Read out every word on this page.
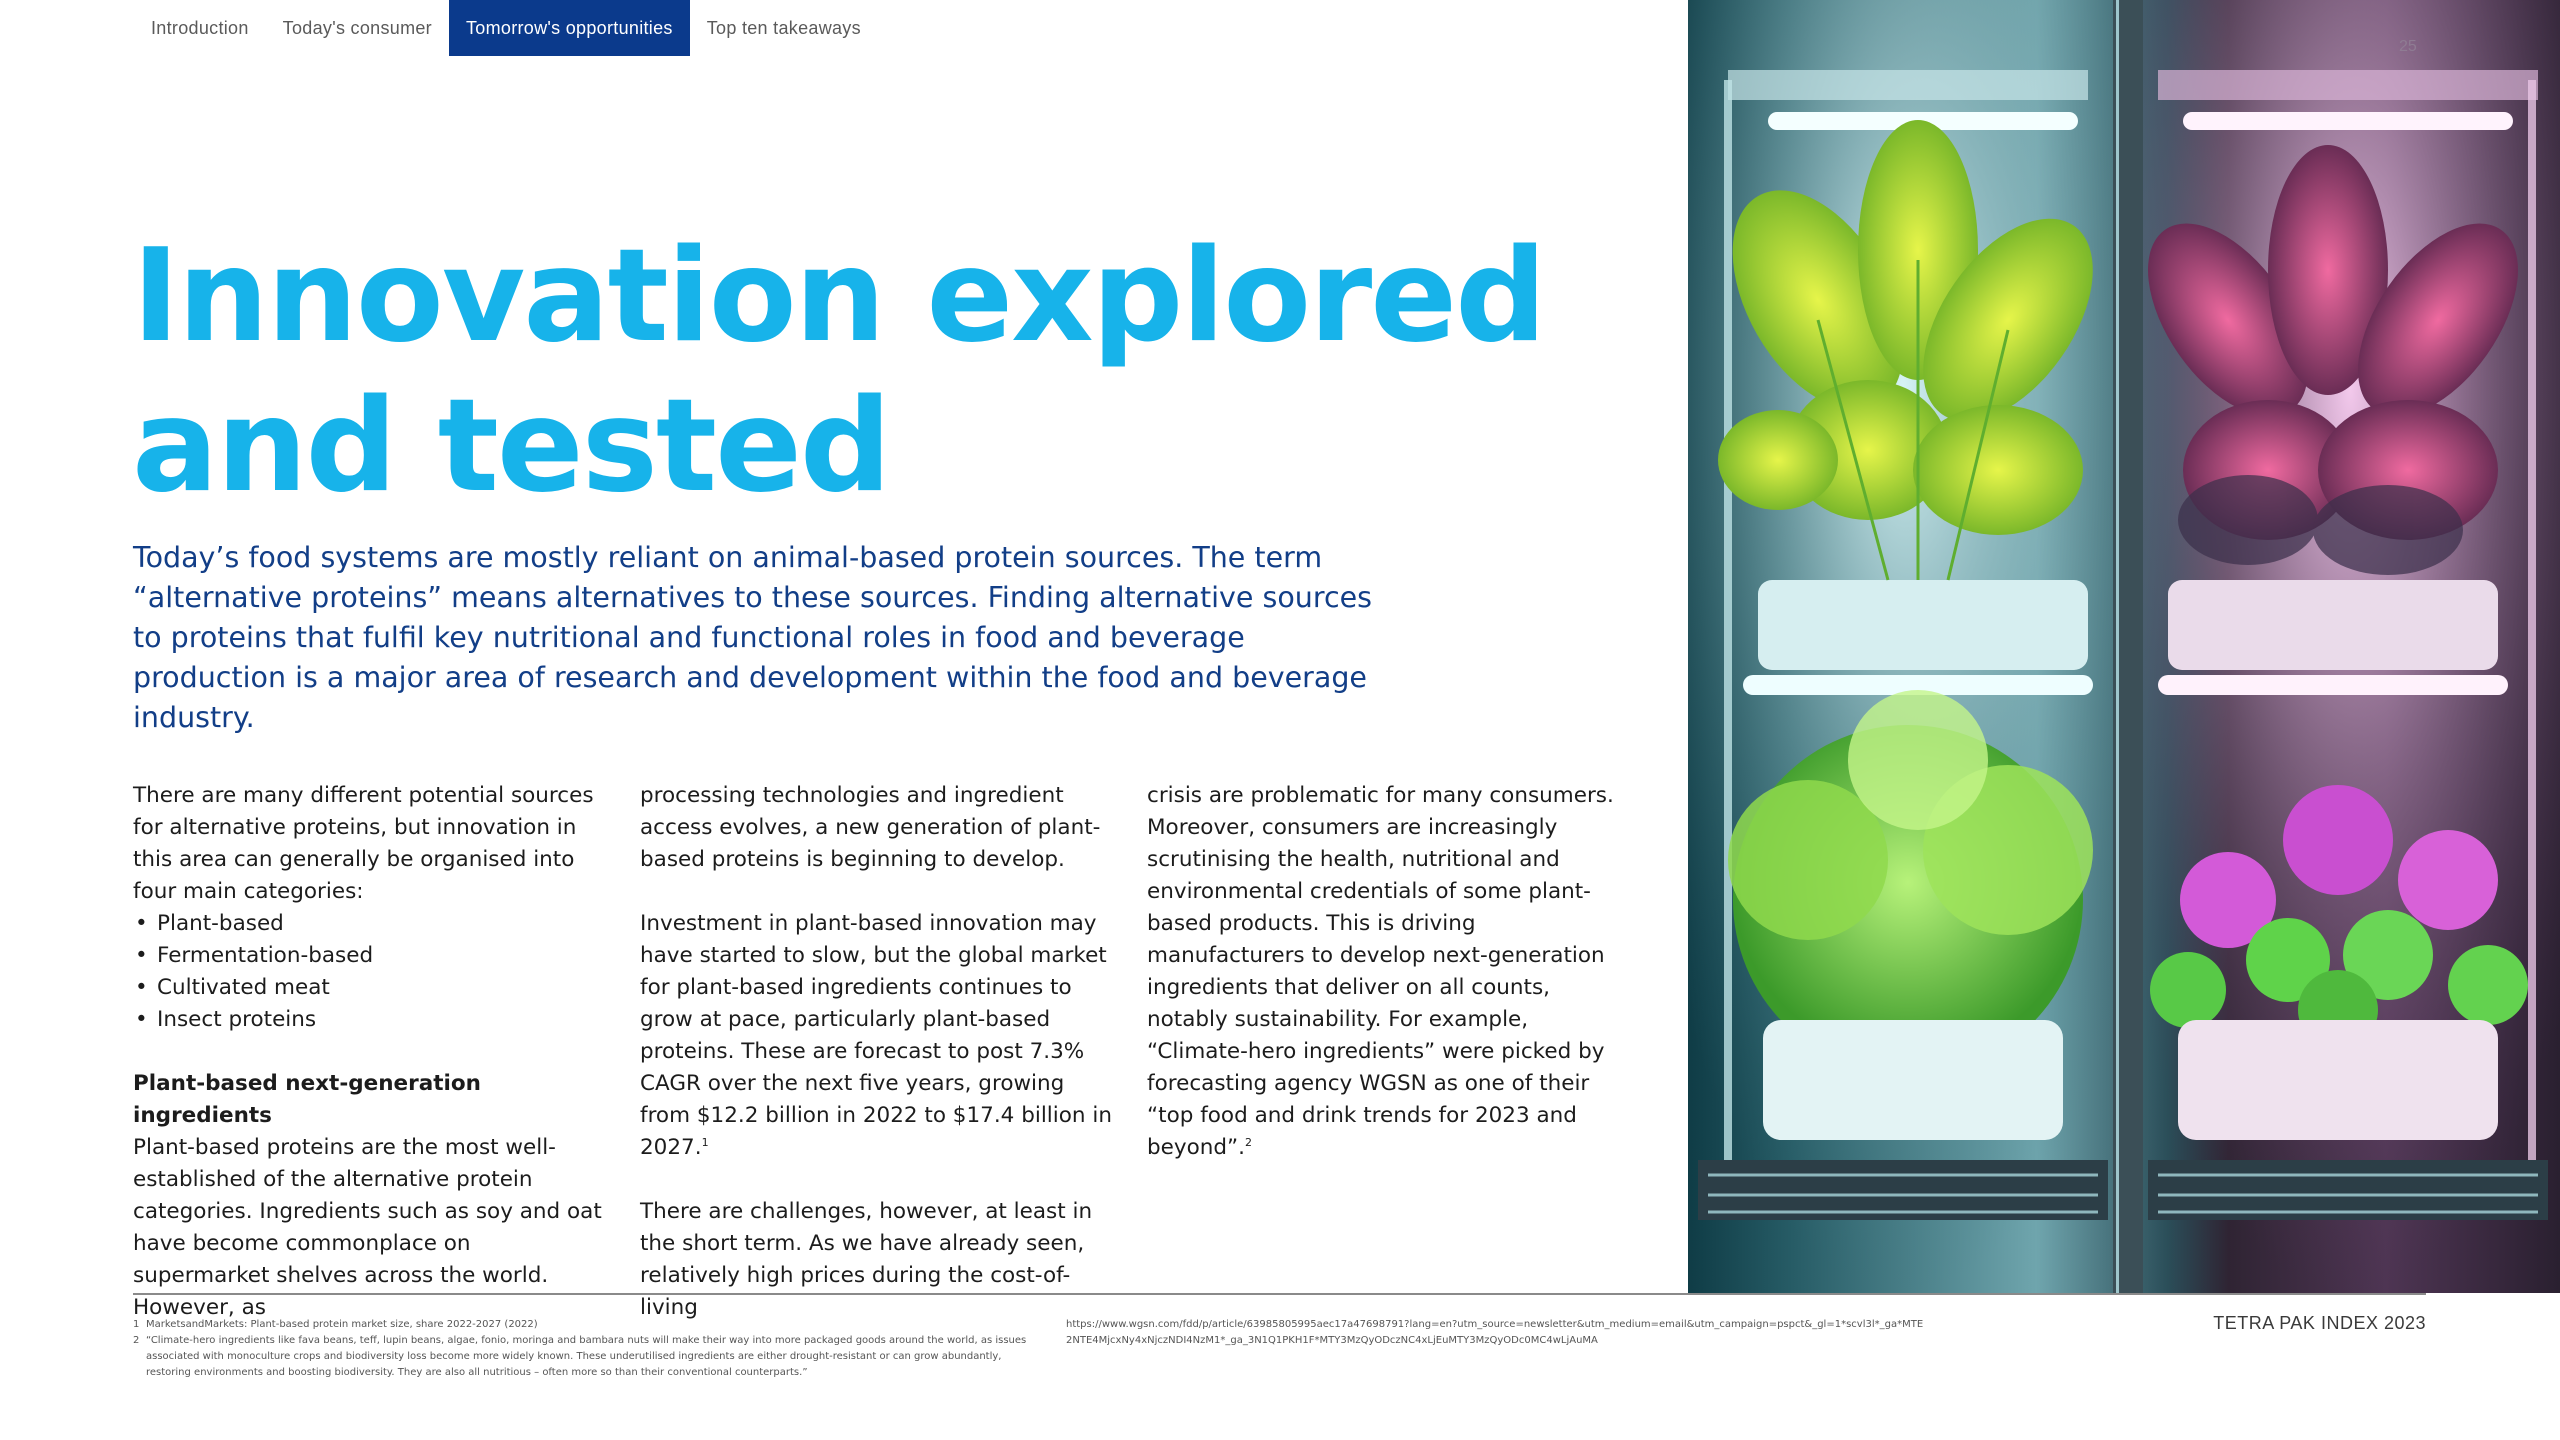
Introduction	Today's consumer	Tomorrow's opportunities	Top ten takeaways
Innovation explored
and tested

Today’s food systems are mostly reliant on animal-based protein sources. The term “alternative proteins” means alternatives to these sources. Finding alternative sources to proteins that fulfil key nutritional and functional roles in food and beverage production is a major area of research and development within the food and beverage industry.

There are many different potential sources for alternative proteins, but innovation in this area can generally be organised into four main categories:

• Plant-based
• Fermentation-based
• Cultivated meat
• Insect proteins

Plant-based next-generation ingredients

Plant-based proteins are the most well-established of the alternative protein categories. Ingredients such as soy and oat have become commonplace on supermarket shelves across the world. However, as

processing technologies and ingredient access evolves, a new generation of plant-based proteins is beginning to develop.

Investment in plant-based innovation may have started to slow, but the global market for plant-based ingredients continues to grow at pace, particularly plant-based proteins. These are forecast to post 7.3% CAGR over the next five years, growing from $12.2 billion in 2022 to $17.4 billion in 2027.$^1$

There are challenges, however, at least in the short term. As we have already seen, relatively high prices during the cost-of-living

crisis are problematic for many consumers. Moreover, consumers are increasingly scrutinising the health, nutritional and environmental credentials of some plant-based products. This is driving manufacturers to develop next-generation ingredients that deliver on all counts, notably sustainability. For example, “Climate-hero ingredients” were picked by forecasting agency WGSN as one of their “top food and drink trends for 2023 and beyond”.$^2$

25
1 MarketsandMarkets: Plant-based protein market size, share 2022-2027 (2022)
2 “Climate-hero ingredients like fava beans, teff, lupin beans, algae, fonio, moringa and bambara nuts will make their way into more packaged goods around the world, as issues associated with monoculture crops and biodiversity loss become more widely known. These underutilised ingredients are either drought-resistant or can grow abundantly, restoring environments and boosting biodiversity. They are also all nutritious – often more so than their conventional counterparts.”
https://www.wgsn.com/fdd/p/article/63985805995aec17a47698791?lang=en?utm_source=newsletter&utm_medium=email&utm_campaign=pspct&_gl=1*scvl3l*_ga*MTE2NTE4MjcxNy4xNjczNDI4NzM1*_ga_3N1Q1PKH1F*MTY3MzQyODczNC4xLjEuMTY3MzQyODc0MC4wLjAuMA
TETRA PAK INDEX 2023
